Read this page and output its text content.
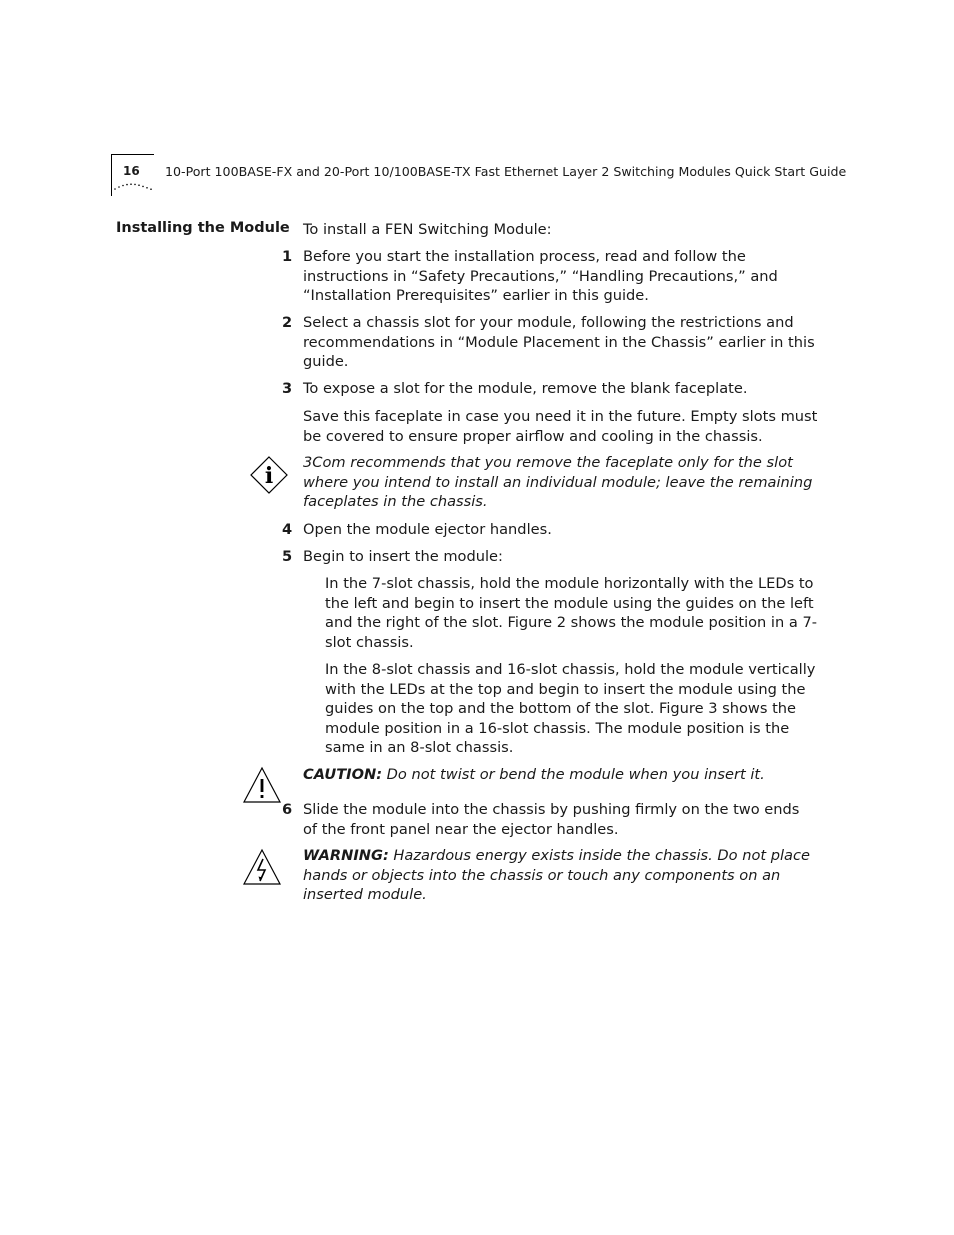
16 10-Port 100BASE-FX and 20-Port 10/100BASE-TX Fast Ethernet Layer 2 Switching Modules Quick Start Guide
Installing the Module To install a FEN Switching Module:
1 Before you start the installation process, read and follow the instructions in “Safety Precautions,” “Handling Precautions,” and “Installation Prerequisites” earlier in this guide.
2 Select a chassis slot for your module, following the restrictions and recommendations in “Module Placement in the Chassis” earlier in this guide.
3 To expose a slot for the module, remove the blank faceplate.
Save this faceplate in case you need it in the future. Empty slots must be covered to ensure proper airflow and cooling in the chassis.
i
3Com recommends that you remove the faceplate only for the slot where you intend to install an individual module; leave the remaining faceplates in the chassis.
4 Open the module ejector handles.
5 Begin to insert the module:
In the 7-slot chassis, hold the module horizontally with the LEDs to the left and begin to insert the module using the guides on the left and the right of the slot. Figure 2 shows the module position in a 7-slot chassis.
In the 8-slot chassis and 16-slot chassis, hold the module vertically with the LEDs at the top and begin to insert the module using the guides on the top and the bottom of the slot. Figure 3 shows the module position in a 16-slot chassis. The module position is the same in an 8-slot chassis.
CAUTION: Do not twist or bend the module when you insert it.
6 Slide the module into the chassis by pushing firmly on the two ends of the front panel near the ejector handles.
WARNING: Hazardous energy exists inside the chassis. Do not place hands or objects into the chassis or touch any components on an inserted module.
